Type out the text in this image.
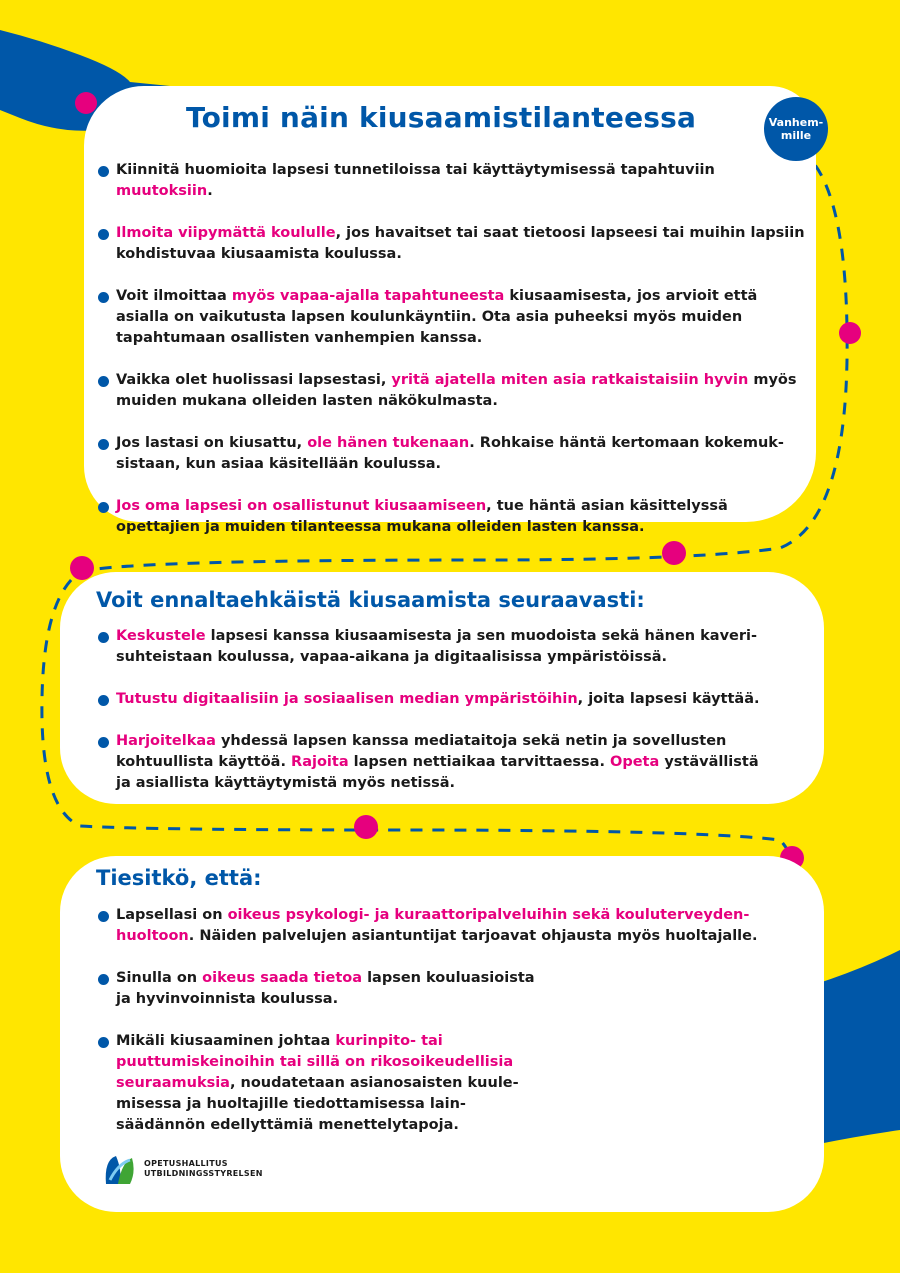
Toimi näin kiusaamistilanteessa	Vanhem-
mille
Kiinnitä huomioita lapsesi tunnetiloissa tai käyttäytymisessä tapahtuviin muutoksiin.
Ilmoita viipymättä koululle, jos havaitset tai saat tietoosi lapseesi tai muihin lapsiin kohdistuvaa kiusaamista koulussa.
Voit ilmoittaa myös vapaa-ajalla tapahtuneesta kiusaamisesta, jos arvioit että asialla on vaikutusta lapsen koulunkäyntiin. Ota asia puheeksi myös muiden tapahtumaan osallisten vanhempien kanssa.
Vaikka olet huolissasi lapsestasi, yritä ajatella miten asia ratkaistaisiin hyvin myös muiden mukana olleiden lasten näkökulmasta.
Jos lastasi on kiusattu, ole hänen tukenaan. Rohkaise häntä kertomaan kokemuksistaan, kun asiaa käsitellään koulussa.
Jos oma lapsesi on osallistunut kiusaamiseen, tue häntä asian käsittelyssä opettajien ja muiden tilanteessa mukana olleiden lasten kanssa.
Voit ennaltaehkäistä kiusaamista seuraavasti:
Keskustele lapsesi kanssa kiusaamisesta ja sen muodoista sekä hänen kaverisuhteistaan koulussa, vapaa-aikana ja digitaalisissa ympäristöissä.
Tutustu digitaalisiin ja sosiaalisen median ympäristöihin, joita lapsesi käyttää.
Harjoitelkaa yhdessä lapsen kanssa mediataitoja sekä netin ja sovellusten kohtuullista käyttöä. Rajoita lapsen nettiaikaa tarvittaessa. Opeta ystävällistä ja asiallista käyttäytymistä myös netissä.
Tiesitkö, että:
Lapsellasi on oikeus psykologi- ja kuraattoripalveluihin sekä kouluterveydenhuoltoon. Näiden palvelujen asiantuntijat tarjoavat ohjausta myös huoltajalle.
Sinulla on oikeus saada tietoa lapsen kouluasioista ja hyvinvoinnista koulussa.
Mikäli kiusaaminen johtaa kurinpito- tai puuttumiskeinoihin tai sillä on rikosoikeudellisia seuraamuksia, noudatetaan asianosaisten kuulemisessa ja huoltajille tiedottamisessa lainsäädännön edellyttämiä menettelytapoja.
OPETUSHALLITUS
UTBILDNINGSSTYRELSEN
